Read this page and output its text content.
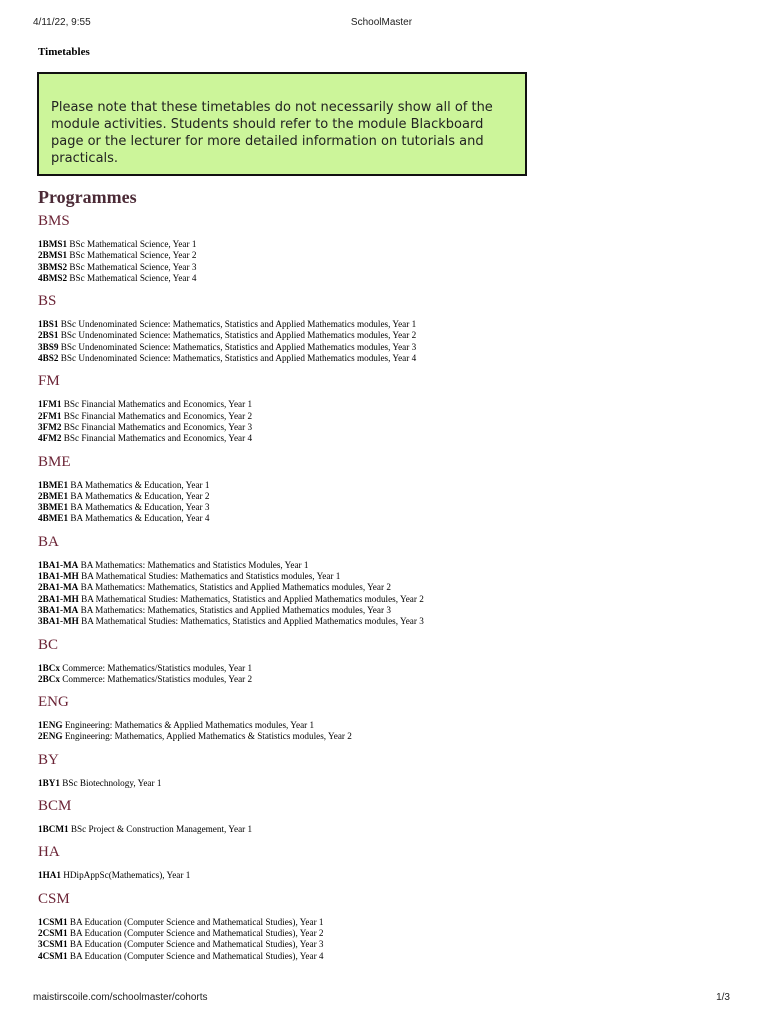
4/11/22, 9:55	SchoolMaster
Timetables

Please note that these timetables do not necessarily show all of the module activities. Students should refer to the module Blackboard page or the lecturer for more detailed information on tutorials and practicals.

Programmes
BMS
1BMS1 BSc Mathematical Science, Year 1
2BMS1 BSc Mathematical Science, Year 2
3BMS2 BSc Mathematical Science, Year 3
4BMS2 BSc Mathematical Science, Year 4
BS
1BS1 BSc Undenominated Science: Mathematics, Statistics and Applied Mathematics modules, Year 1
2BS1 BSc Undenominated Science: Mathematics, Statistics and Applied Mathematics modules, Year 2
3BS9 BSc Undenominated Science: Mathematics, Statistics and Applied Mathematics modules, Year 3
4BS2 BSc Undenominated Science: Mathematics, Statistics and Applied Mathematics modules, Year 4
FM
1FM1 BSc Financial Mathematics and Economics, Year 1
2FM1 BSc Financial Mathematics and Economics, Year 2
3FM2 BSc Financial Mathematics and Economics, Year 3
4FM2 BSc Financial Mathematics and Economics, Year 4
BME
1BME1 BA Mathematics & Education, Year 1
2BME1 BA Mathematics & Education, Year 2
3BME1 BA Mathematics & Education, Year 3
4BME1 BA Mathematics & Education, Year 4
BA
1BA1-MA BA Mathematics: Mathematics and Statistics Modules, Year 1
1BA1-MH BA Mathematical Studies: Mathematics and Statistics modules, Year 1
2BA1-MA BA Mathematics: Mathematics, Statistics and Applied Mathematics modules, Year 2
2BA1-MH BA Mathematical Studies: Mathematics, Statistics and Applied Mathematics modules, Year 2
3BA1-MA BA Mathematics: Mathematics, Statistics and Applied Mathematics modules, Year 3
3BA1-MH BA Mathematical Studies: Mathematics, Statistics and Applied Mathematics modules, Year 3
BC
1BCx Commerce: Mathematics/Statistics modules, Year 1
2BCx Commerce: Mathematics/Statistics modules, Year 2
ENG
1ENG Engineering: Mathematics & Applied Mathematics modules, Year 1
2ENG Engineering: Mathematics, Applied Mathematics & Statistics modules, Year 2
BY
1BY1 BSc Biotechnology, Year 1
BCM
1BCM1 BSc Project & Construction Management, Year 1
HA
1HA1 HDipAppSc(Mathematics), Year 1
CSM
1CSM1 BA Education (Computer Science and Mathematical Studies), Year 1
2CSM1 BA Education (Computer Science and Mathematical Studies), Year 2
3CSM1 BA Education (Computer Science and Mathematical Studies), Year 3
4CSM1 BA Education (Computer Science and Mathematical Studies), Year 4
maistirscoile.com/schoolmaster/cohorts	1/3
